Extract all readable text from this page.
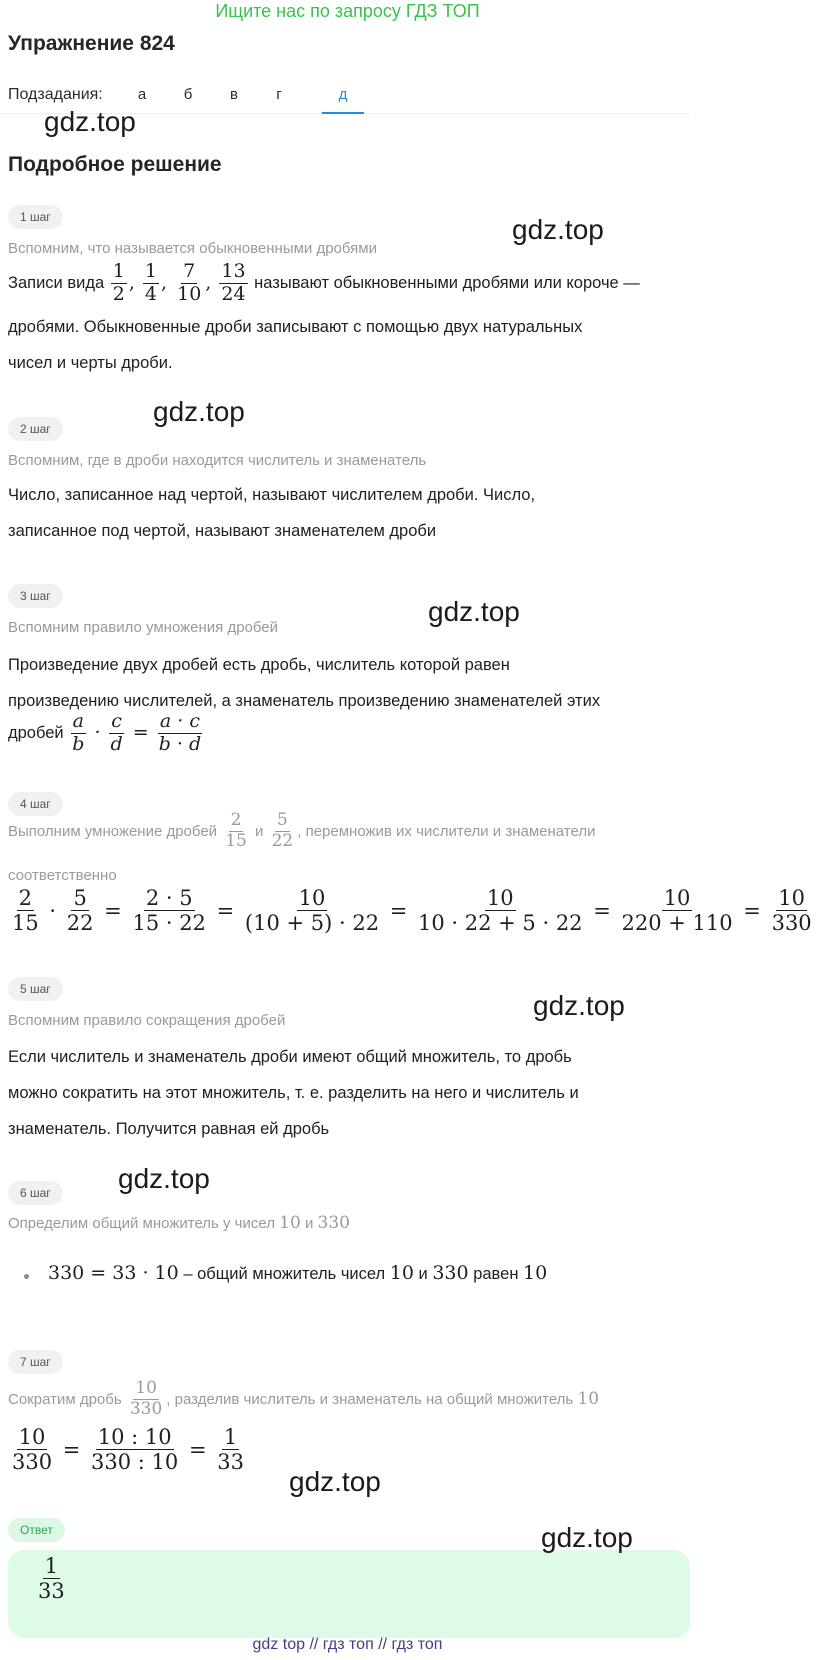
Ищите нас по запросу ГДЗ ТОП
Упражнение 824
Подзадания:	а	б	в	г	д
gdz.top
Подробное решение
1 шаг	gdz.top
Вспомним, что называется обыкновенными дробями
Записи вида
$\frac{1}{2}$ , $\frac{1}{4}$ , $\frac{7}{10}$ , $\frac{13}{24}$
называют обыкновенными дробями или короче —
дробями. Обыкновенные дроби записывают с помощью двух натуральных
чисел и черты дроби.
gdz.top
2 шаг
Вспомним, где в дроби находится числитель и знаменатель
Число, записанное над чертой, называют числителем дроби. Число,
записанное под чертой, называют знаменателем дроби
3 шаг	gdz.top
Вспомним правило умножения дробей
Произведение двух дробей есть дробь, числитель которой равен
произведению числителей, а знаменатель произведению знаменателей этих
дробей
$\frac{a}{b} \cdot \frac{c}{d} = \frac{a \cdot c}{b \cdot d}$
4 шаг
Выполним умножение дробей
$\frac{2}{15}$
и
$\frac{5}{22}$ , перемножив их числители и знаменатели
соответственно
$\frac{2}{15} \cdot \frac{5}{22} = \frac{2 \cdot 5}{15 \cdot 22} = \frac{10}{(10 + 5) \cdot 22} = \frac{10}{10 \cdot 22 + 5 \cdot 22} = \frac{10}{220 + 110} = \frac{10}{330}$
5 шаг
gdz.top
Вспомним правило сокращения дробей
Если числитель и знаменатель дроби имеют общий множитель, то дробь
можно сократить на этот множитель, т. е. разделить на него и числитель и
знаменатель. Получится равная ей дробь
gdz.top
6 шаг
Определим общий множитель у чисел
10
и
330
330 = 33 · 10
– общий множитель чисел
10
и
330
равен
10
7 шаг
Сократим дробь
$\frac{10}{330}$ , разделив числитель и знаменатель на общий множитель
10
$\frac{10}{330} = \frac{10 : 10}{330 : 10} = \frac{1}{33}$
gdz.top
Ответ	gdz.top
$\frac{1}{33}$
gdz top // гдз топ // гдз топ
